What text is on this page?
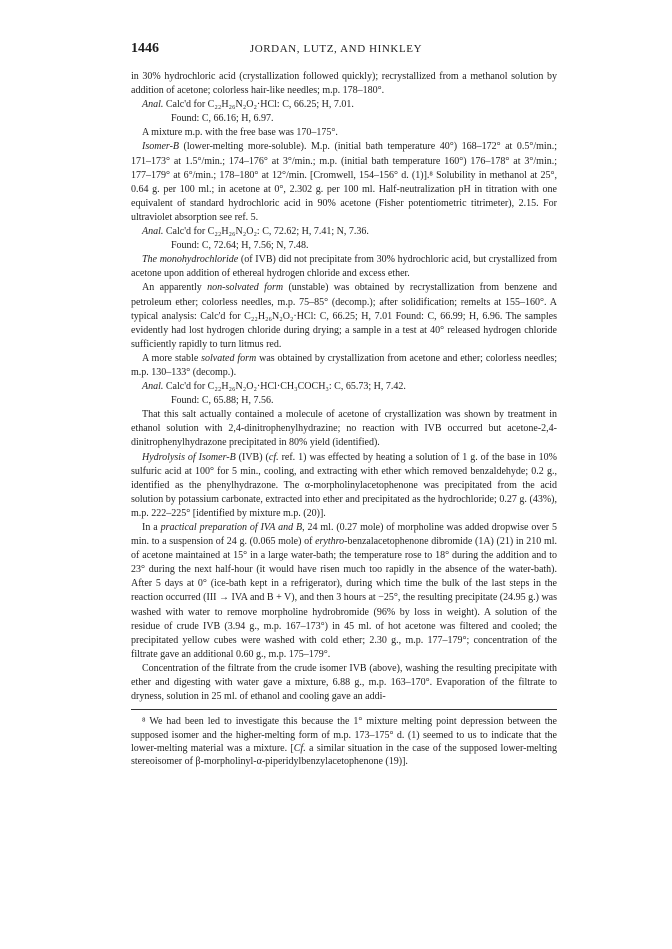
1446	JORDAN, LUTZ, AND HINKLEY

in 30% hydrochloric acid (crystallization followed quickly); recrystallized from a methanol solution by addition of acetone; colorless hair-like needles; m.p. 178–180°.

Anal. Calc'd for C₂₂H₂₆N₂O₂·HCl: C, 66.25; H, 7.01.

Found: C, 66.16; H, 6.97.

A mixture m.p. with the free base was 170–175°.

Isomer-B (lower-melting more-soluble). M.p. (initial bath temperature 40°) 168–172° at 0.5°/min.; 171–173° at 1.5°/min.; 174–176° at 3°/min.; m.p. (initial bath temperature 160°) 176–178° at 3°/min.; 177–179° at 6°/min.; 178–180° at 12°/min. [Cromwell, 154–156° d. (1)].⁸ Solubility in methanol at 25°, 0.64 g. per 100 ml.; in acetone at 0°, 2.302 g. per 100 ml. Half-neutralization pH in titration with one equivalent of standard hydrochloric acid in 90% acetone (Fisher potentiometric titrimeter), 2.15. For ultraviolet absorption see ref. 5.

Anal. Calc'd for C₂₂H₂₆N₂O₂: C, 72.62; H, 7.41; N, 7.36.

Found: C, 72.64; H, 7.56; N, 7.48.

The monohydrochloride (of IVB) did not precipitate from 30% hydrochloric acid, but crystallized from acetone upon addition of ethereal hydrogen chloride and excess ether.

An apparently non-solvated form (unstable) was obtained by recrystallization from benzene and petroleum ether; colorless needles, m.p. 75–85° (decomp.); after solidification; remelts at 155–160°. A typical analysis: Calc'd for C₂₂H₂₆N₂O₂·HCl: C, 66.25; H, 7.01 Found: C, 66.99; H, 6.96. The samples evidently had lost hydrogen chloride during drying; a sample in a test at 40° released hydrogen chloride sufficiently rapidly to turn litmus red.

A more stable solvated form was obtained by crystallization from acetone and ether; colorless needles; m.p. 130–133° (decomp.).

Anal. Calc'd for C₂₂H₂₆N₂O₂·HCl·CH₃COCH₃: C, 65.73; H, 7.42.

Found: C, 65.88; H, 7.56.

That this salt actually contained a molecule of acetone of crystallization was shown by treatment in ethanol solution with 2,4-dinitrophenylhydrazine; no reaction with IVB occurred but acetone-2,4-dinitrophenylhydrazone precipitated in 80% yield (identified).

Hydrolysis of Isomer-B (IVB) (cf. ref. 1) was effected by heating a solution of 1 g. of the base in 10% sulfuric acid at 100° for 5 min., cooling, and extracting with ether which removed benzaldehyde; 0.2 g., identified as the phenylhydrazone. The α-morpholinylacetophenone was precipitated from the acid solution by potassium carbonate, extracted into ether and precipitated as the hydrochloride; 0.27 g. (43%), m.p. 222–225° [identified by mixture m.p. (20)].

In a practical preparation of IVA and B, 24 ml. (0.27 mole) of morpholine was added dropwise over 5 min. to a suspension of 24 g. (0.065 mole) of erythro-benzalacetophenone dibromide (1A) (21) in 210 ml. of acetone maintained at 15° in a large water-bath; the temperature rose to 18° during the addition and to 23° during the next half-hour (it would have risen much too rapidly in the absence of the water-bath). After 5 days at 0° (ice-bath kept in a refrigerator), during which time the bulk of the last steps in the reaction occurred (III → IVA and B + V), and then 3 hours at −25°, the resulting precipitate (24.95 g.) was washed with water to remove morpholine hydrobromide (96% by loss in weight). A solution of the residue of crude IVB (3.94 g., m.p. 167–173°) in 45 ml. of hot acetone was filtered and cooled; the precipitated yellow cubes were washed with cold ether; 2.30 g., m.p. 177–179°; concentration of the filtrate gave an additional 0.60 g., m.p. 175–179°.

Concentration of the filtrate from the crude isomer IVB (above), washing the resulting precipitate with ether and digesting with water gave a mixture, 6.88 g., m.p. 163–170°. Evaporation of the filtrate to dryness, solution in 25 ml. of ethanol and cooling gave an addi-

⁸ We had been led to investigate this because the 1° mixture melting point depression between the supposed isomer and the higher-melting form of m.p. 173–175° d. (1) seemed to us to indicate that the lower-melting material was a mixture. [Cf. a similar situation in the case of the supposed lower-melting stereoisomer of β-morpholinyl-α-piperidylbenzylacetophenone (19)].
